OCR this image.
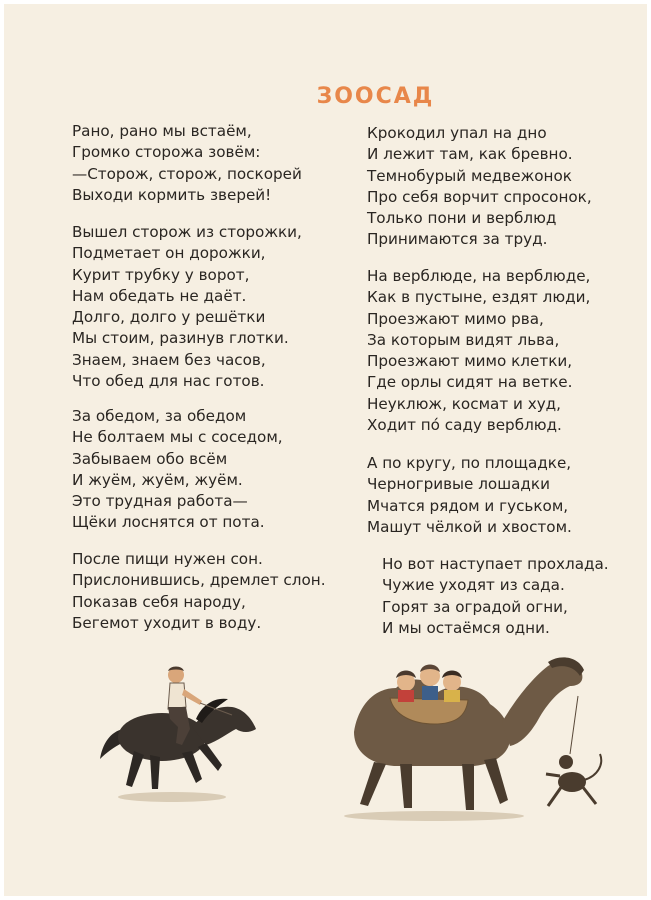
ЗООСАД
Рано, рано мы встаём,
Громко сторожа зовём:
—Сторож, сторож, поскорей
Выходи кормить зверей!
Вышел сторож из сторожки,
Подметает он дорожки,
Курит трубку у ворот,
Нам обедать не даёт.
Долго, долго у решётки
Мы стоим, разинув глотки.
Знаем, знаем без часов,
Что обед для нас готов.
За обедом, за обедом
Не болтаем мы с соседом,
Забываем обо всём
И жуём, жуём, жуём.
Это трудная работа—
Щёки лоснятся от пота.
После пищи нужен сон.
Прислонившись, дремлет слон.
Показав себя народу,
Бегемот уходит в воду.
Крокодил упал на дно
И лежит там, как бревно.
Темнобурый медвежонок
Про себя ворчит спросонок,
Только пони и верблюд
Принимаются за труд.
На верблюде, на верблюде,
Как в пустыне, ездят люди,
Проезжают мимо рва,
За которым видят льва,
Проезжают мимо клетки,
Где орлы сидят на ветке.
Неуклюж, космат и худ,
Ходит по́ саду верблюд.
А по кругу, по площадке,
Черногривые лошадки
Мчатся рядом и гуськом,
Машут чёлкой и хвостом.
Но вот наступает прохлада.
Чужие уходят из сада.
Горят за оградой огни,
И мы остаёмся одни.
